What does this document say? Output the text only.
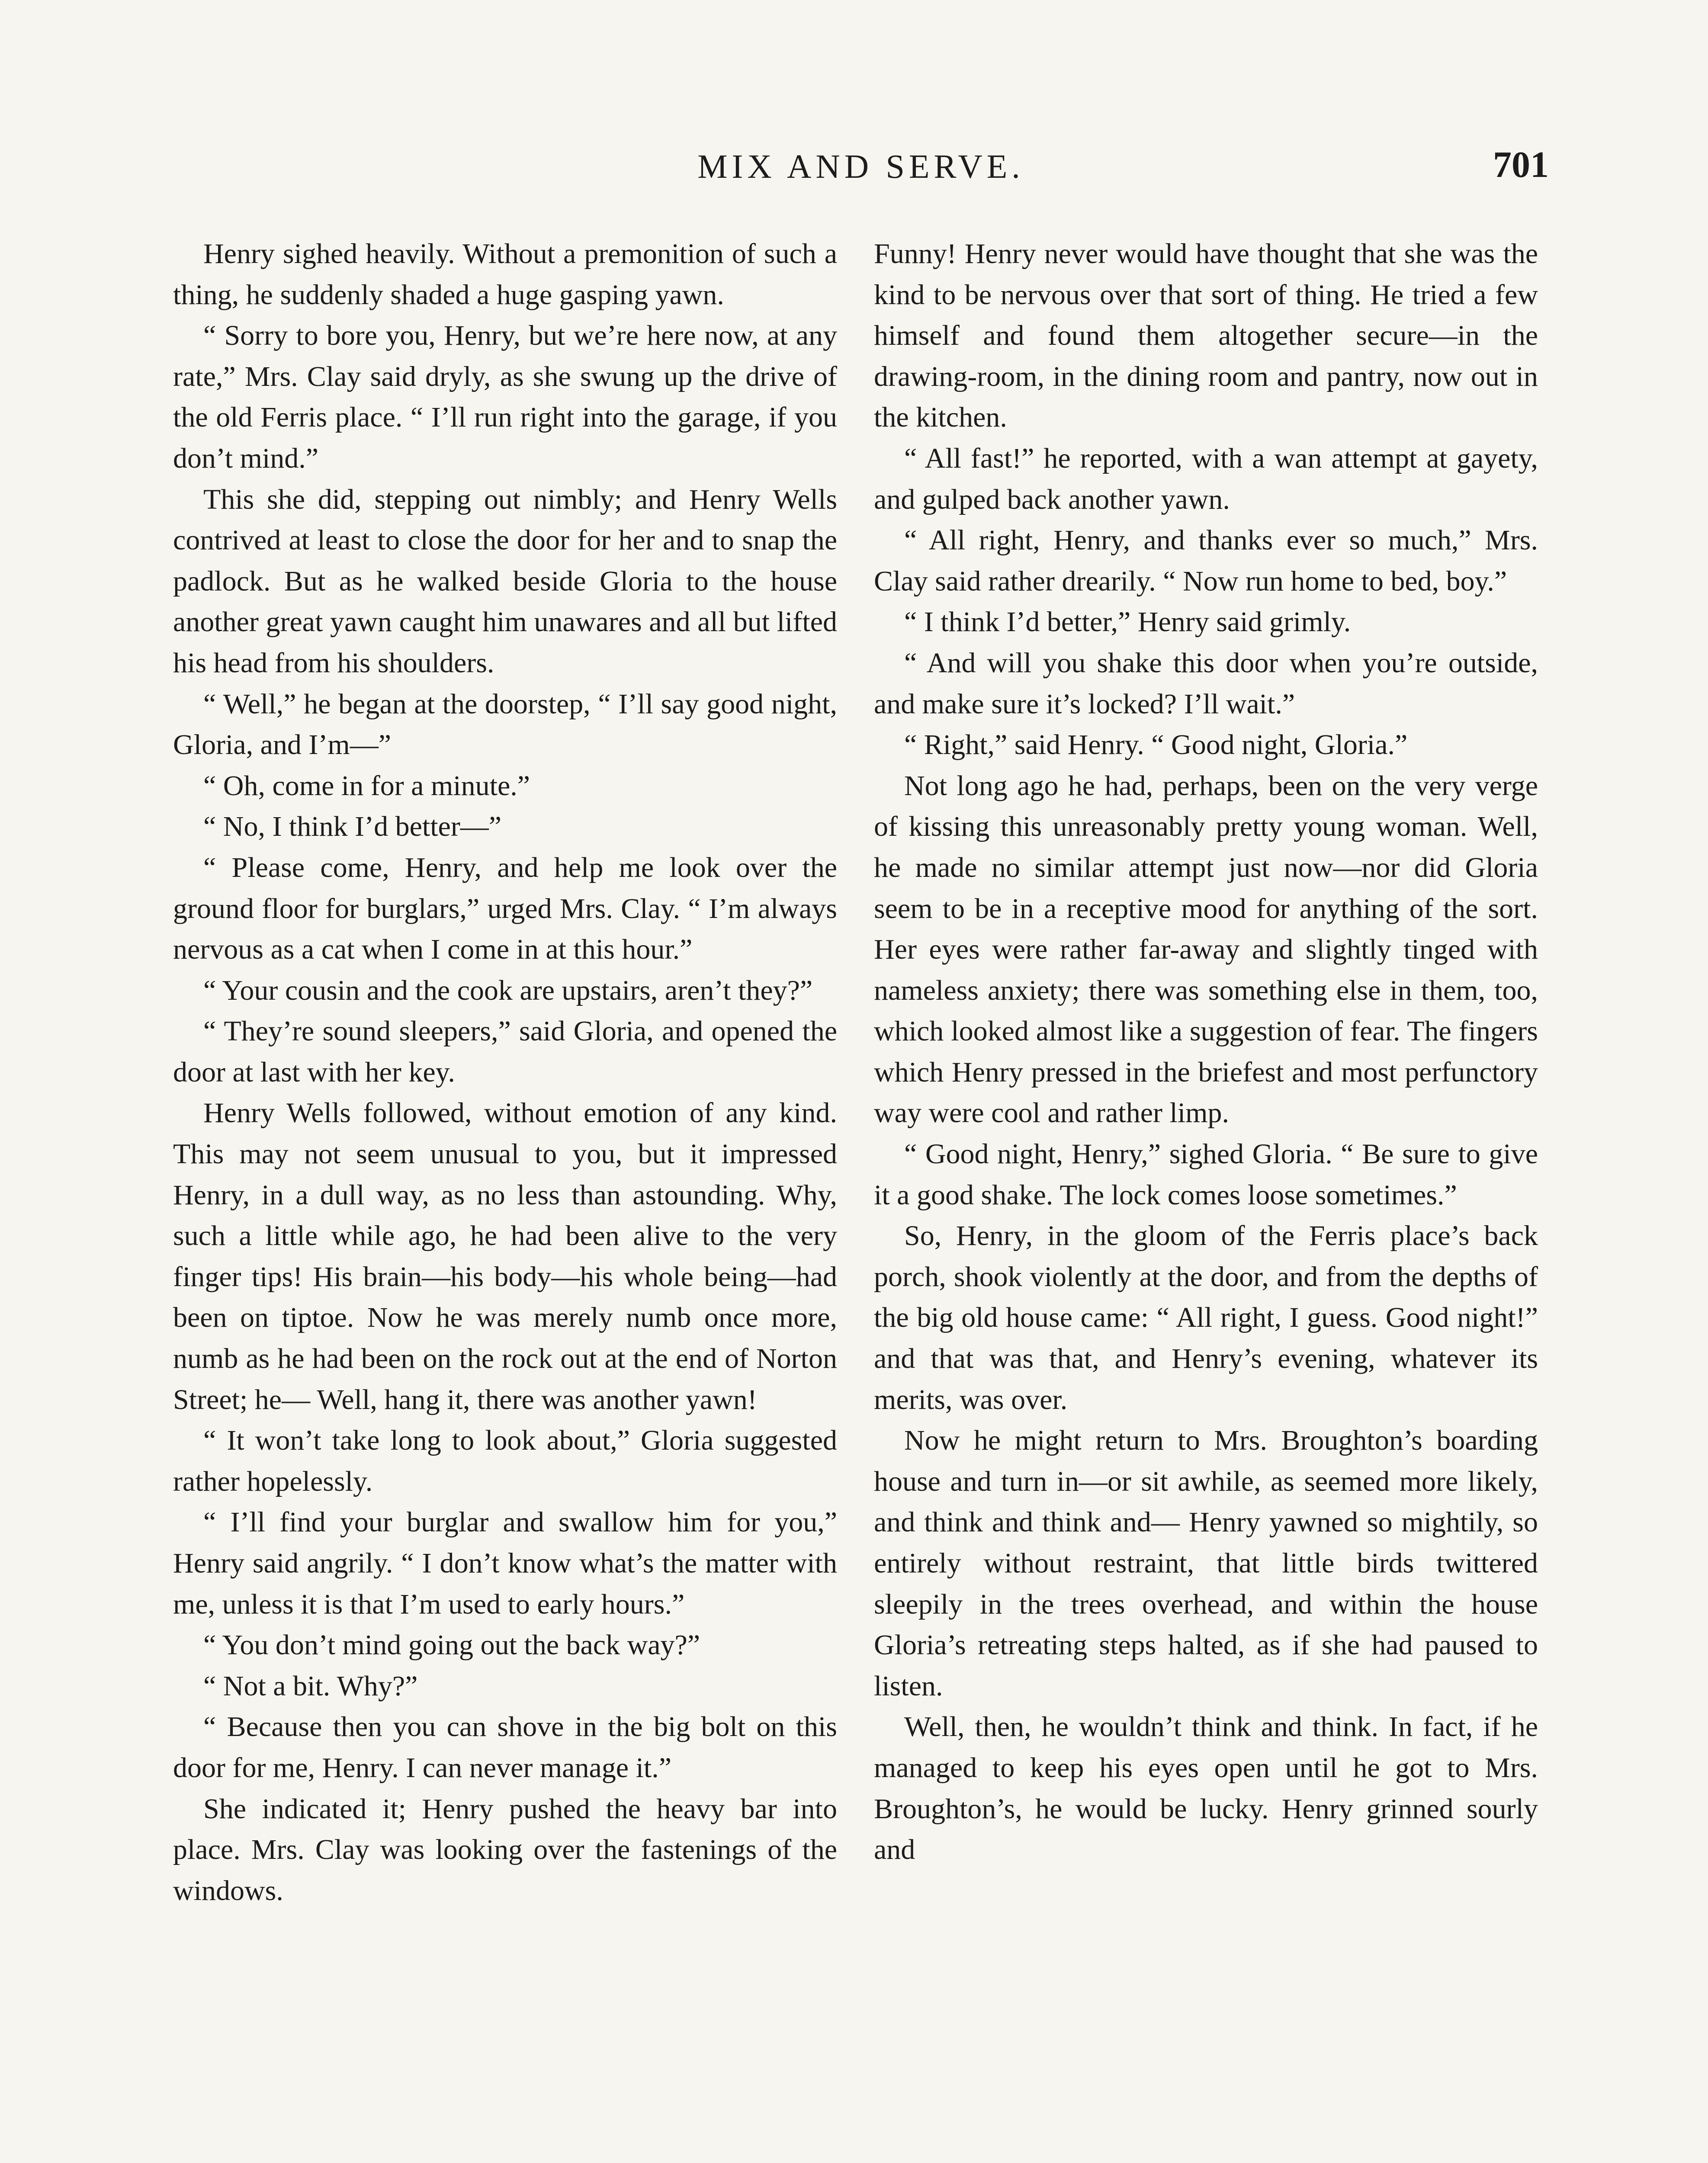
MIX AND SERVE.	701

Henry sighed heavily. Without a premonition of such a thing, he suddenly shaded a huge gasping yawn.

“ Sorry to bore you, Henry, but we’re here now, at any rate,” Mrs. Clay said dryly, as she swung up the drive of the old Ferris place. “ I’ll run right into the garage, if you don’t mind.”

This she did, stepping out nimbly; and Henry Wells contrived at least to close the door for her and to snap the padlock. But as he walked beside Gloria to the house another great yawn caught him unawares and all but lifted his head from his shoulders.

“ Well,” he began at the doorstep, “ I’ll say good night, Gloria, and I’m—”

“ Oh, come in for a minute.”

“ No, I think I’d better—”

“ Please come, Henry, and help me look over the ground floor for burglars,” urged Mrs. Clay. “ I’m always nervous as a cat when I come in at this hour.”

“ Your cousin and the cook are upstairs, aren’t they?”

“ They’re sound sleepers,” said Gloria, and opened the door at last with her key.

Henry Wells followed, without emotion of any kind. This may not seem unusual to you, but it impressed Henry, in a dull way, as no less than astounding. Why, such a little while ago, he had been alive to the very finger tips! His brain—his body—his whole being—had been on tiptoe. Now he was merely numb once more, numb as he had been on the rock out at the end of Norton Street; he— Well, hang it, there was another yawn!

“ It won’t take long to look about,” Gloria suggested rather hopelessly.

“ I’ll find your burglar and swallow him for you,” Henry said angrily. “ I don’t know what’s the matter with me, unless it is that I’m used to early hours.”

“ You don’t mind going out the back way?”

“ Not a bit. Why?”

“ Because then you can shove in the big bolt on this door for me, Henry. I can never manage it.”

She indicated it; Henry pushed the heavy bar into place. Mrs. Clay was looking over the fastenings of the windows.

Funny! Henry never would have thought that she was the kind to be nervous over that sort of thing. He tried a few himself and found them altogether secure—in the drawing-room, in the dining room and pantry, now out in the kitchen.

“ All fast!” he reported, with a wan attempt at gayety, and gulped back another yawn.

“ All right, Henry, and thanks ever so much,” Mrs. Clay said rather drearily. “ Now run home to bed, boy.”

“ I think I’d better,” Henry said grimly.

“ And will you shake this door when you’re outside, and make sure it’s locked? I’ll wait.”

“ Right,” said Henry. “ Good night, Gloria.”

Not long ago he had, perhaps, been on the very verge of kissing this unreasonably pretty young woman. Well, he made no similar attempt just now—nor did Gloria seem to be in a receptive mood for anything of the sort. Her eyes were rather far-away and slightly tinged with nameless anxiety; there was something else in them, too, which looked almost like a suggestion of fear. The fingers which Henry pressed in the briefest and most perfunctory way were cool and rather limp.

“ Good night, Henry,” sighed Gloria. “ Be sure to give it a good shake. The lock comes loose sometimes.”

So, Henry, in the gloom of the Ferris place’s back porch, shook violently at the door, and from the depths of the big old house came: “ All right, I guess. Good night!” and that was that, and Henry’s evening, whatever its merits, was over.

Now he might return to Mrs. Broughton’s boarding house and turn in—or sit awhile, as seemed more likely, and think and think and— Henry yawned so mightily, so entirely without restraint, that little birds twittered sleepily in the trees overhead, and within the house Gloria’s retreating steps halted, as if she had paused to listen.

Well, then, he wouldn’t think and think. In fact, if he managed to keep his eyes open until he got to Mrs. Broughton’s, he would be lucky. Henry grinned sourly and
